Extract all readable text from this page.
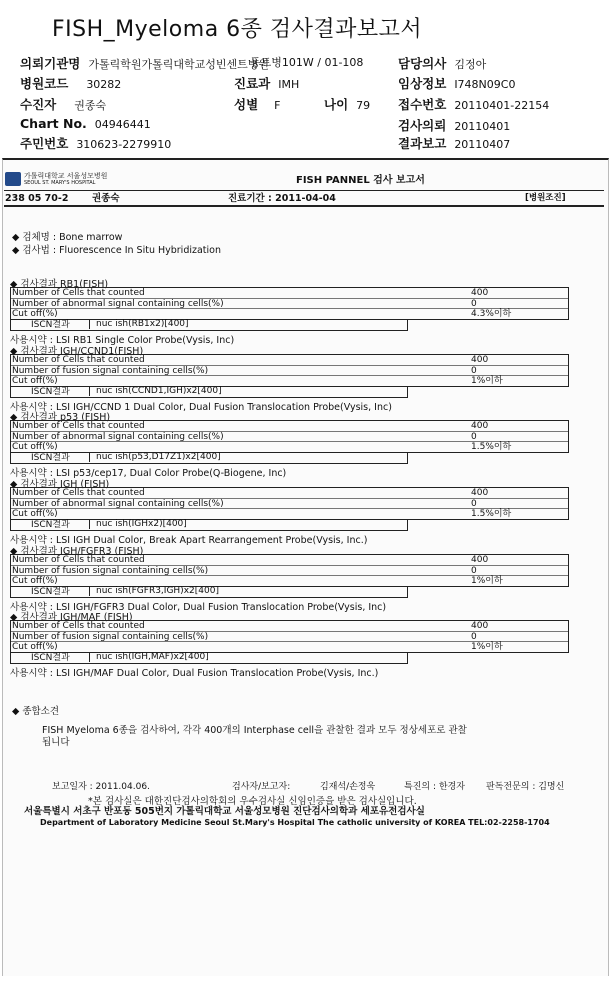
FISH_Myeloma 6종 검사결과보고서
의뢰기관명 가톨릭학원가톨릭대학교성빈센트병원
동트병101W / 01-108	담당의사 김정아
병원코드 30282	진료과 IMH	임상정보 I748N09C0
수진자 권종숙	성별 F	나이 79 접수번호 20110401-22154
Chart No. 04946441	검사의뢰 20110401
주민번호 310623-2279910	결과보고 20110407
가톨릭대학교 서울성모병원
SEOUL ST. MARY'S HOSPITAL	FISH PANNEL 검사 보고서
238 05 70-2 권종숙	진료기간 : 2011-04-04	[병원조진]
◆ 검체명 : Bone marrow
◆ 검사법 : Fluorescence In Situ Hybridization
◆ 검사결과 RB1(FISH)
Number of Cells that counted	400
Number of abnormal signal containing cells(%)	0
Cut off(%)	4.3%이하
ISCN결과	nuc ish(RB1x2)[400]
사용시약 : LSI RB1 Single Color Probe(Vysis, Inc)
◆ 검사결과 IGH/CCND1(FISH)
Number of Cells that counted	400
Number of fusion signal containing cells(%)	0
Cut off(%)	1%이하
ISCN결과	nuc ish(CCND1,IGH)x2[400]
사용시약 : LSI IGH/CCND 1 Dual Color, Dual Fusion Translocation Probe(Vysis, Inc)
◆ 검사결과 p53 (FISH)
Number of Cells that counted	400
Number of abnormal signal containing cells(%)	0
Cut off(%)	1.5%이하
ISCN결과	nuc ish(p53,D17Z1)x2[400]
사용시약 : LSI p53/cep17, Dual Color Probe(Q-Biogene, Inc)
◆ 검사결과 IGH (FISH)
Number of Cells that counted	400
Number of abnormal signal containing cells(%)	0
Cut off(%)	1.5%이하
ISCN결과	nuc ish(IGHx2)[400]
사용시약 : LSI IGH Dual Color, Break Apart Rearrangement Probe(Vysis, Inc.)
◆ 검사결과 IGH/FGFR3 (FISH)
Number of Cells that counted	400
Number of fusion signal containing cells(%)	0
Cut off(%)	1%이하
ISCN결과	nuc ish(FGFR3,IGH)x2[400]
사용시약 : LSI IGH/FGFR3 Dual Color, Dual Fusion Translocation Probe(Vysis, Inc)
◆ 검사결과 IGH/MAF (FISH)
Number of Cells that counted	400
Number of fusion signal containing cells(%)	0
Cut off(%)	1%이하
ISCN결과	nuc ish(IGH,MAF)x2[400]
사용시약 : LSI IGH/MAF Dual Color, Dual Fusion Translocation Probe(Vysis, Inc.)
◆ 종합소견
FISH Myeloma 6종을 검사하여, 각각 400개의 Interphase cell을 관찰한 결과 모두 정상세포로 관찰
됩니다
보고일자 : 2011.04.06.	검사자/보고자:	김재석/손정욱	특진의 : 한경자 판독전문의 : 김명신
*본 검사실은 대한진단검사의학회의 우수검사실 신임인증을 받은 검사실입니다.
서울특별시 서초구 반포동 505번지 가톨릭대학교 서울성모병원 진단검사의학과 세포유전검사실
Department of Laboratory Medicine Seoul St.Mary's Hospital The catholic university of KOREA TEL:02-2258-1704
